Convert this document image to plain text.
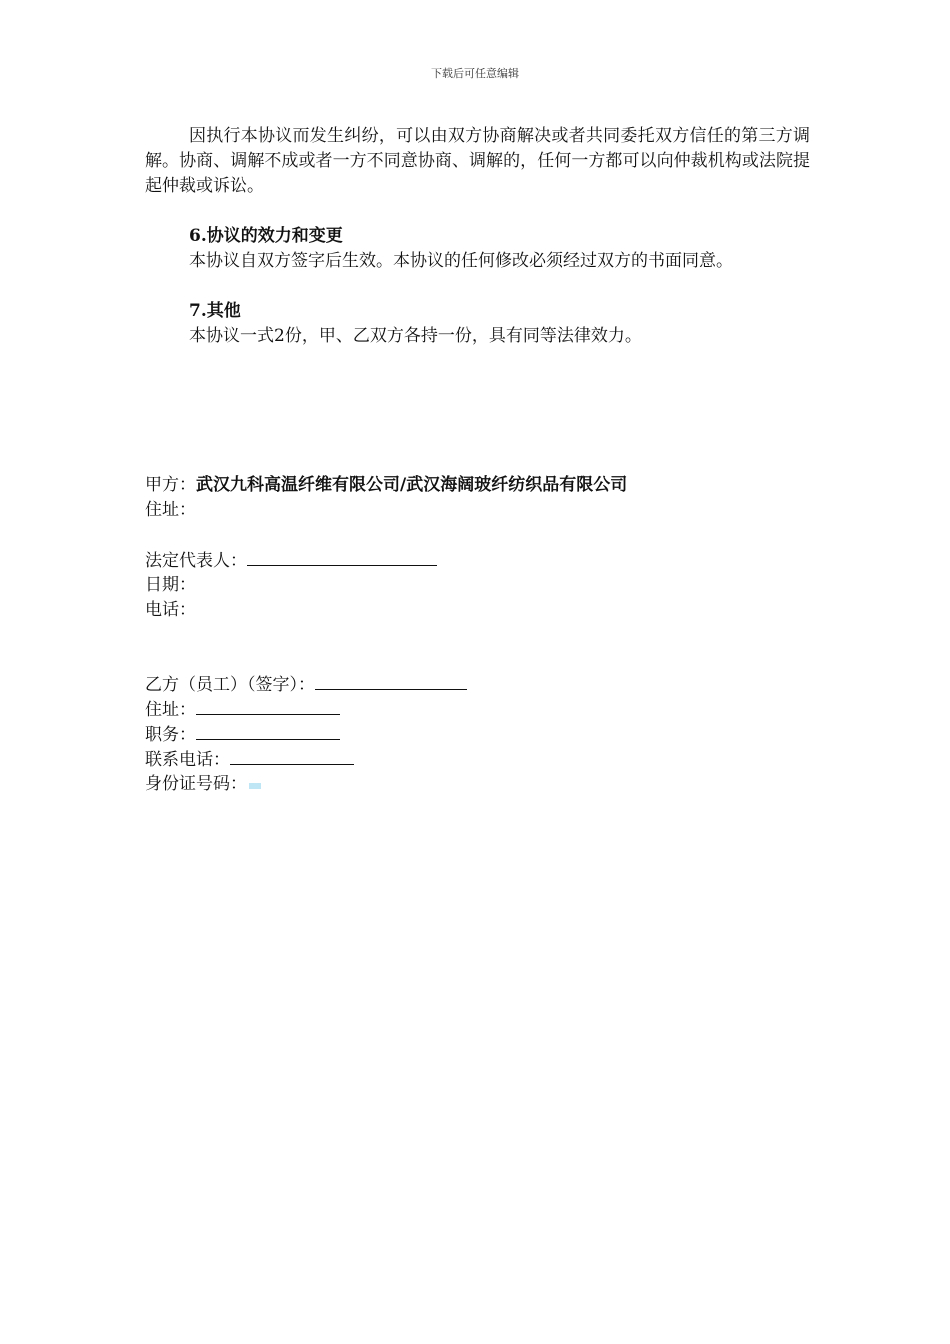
下载后可任意编辑

因执行本协议而发生纠纷，可以由双方协商解决或者共同委托双方信任的第三方调解。协商、调解不成或者一方不同意协商、调解的，任何一方都可以向仲裁机构或法院提起仲裁或诉讼。

6.协议的效力和变更

本协议自双方签字后生效。本协议的任何修改必须经过双方的书面同意。

7.其他

本协议一式2份，甲、乙双方各持一份，具有同等法律效力。

甲方：武汉九科高温纤维有限公司/武汉海阔玻纤纺织品有限公司

住址：

法定代表人：

日期：

电话：

乙方（员工）（签字）：

住址：

职务：

联系电话：

身份证号码：
